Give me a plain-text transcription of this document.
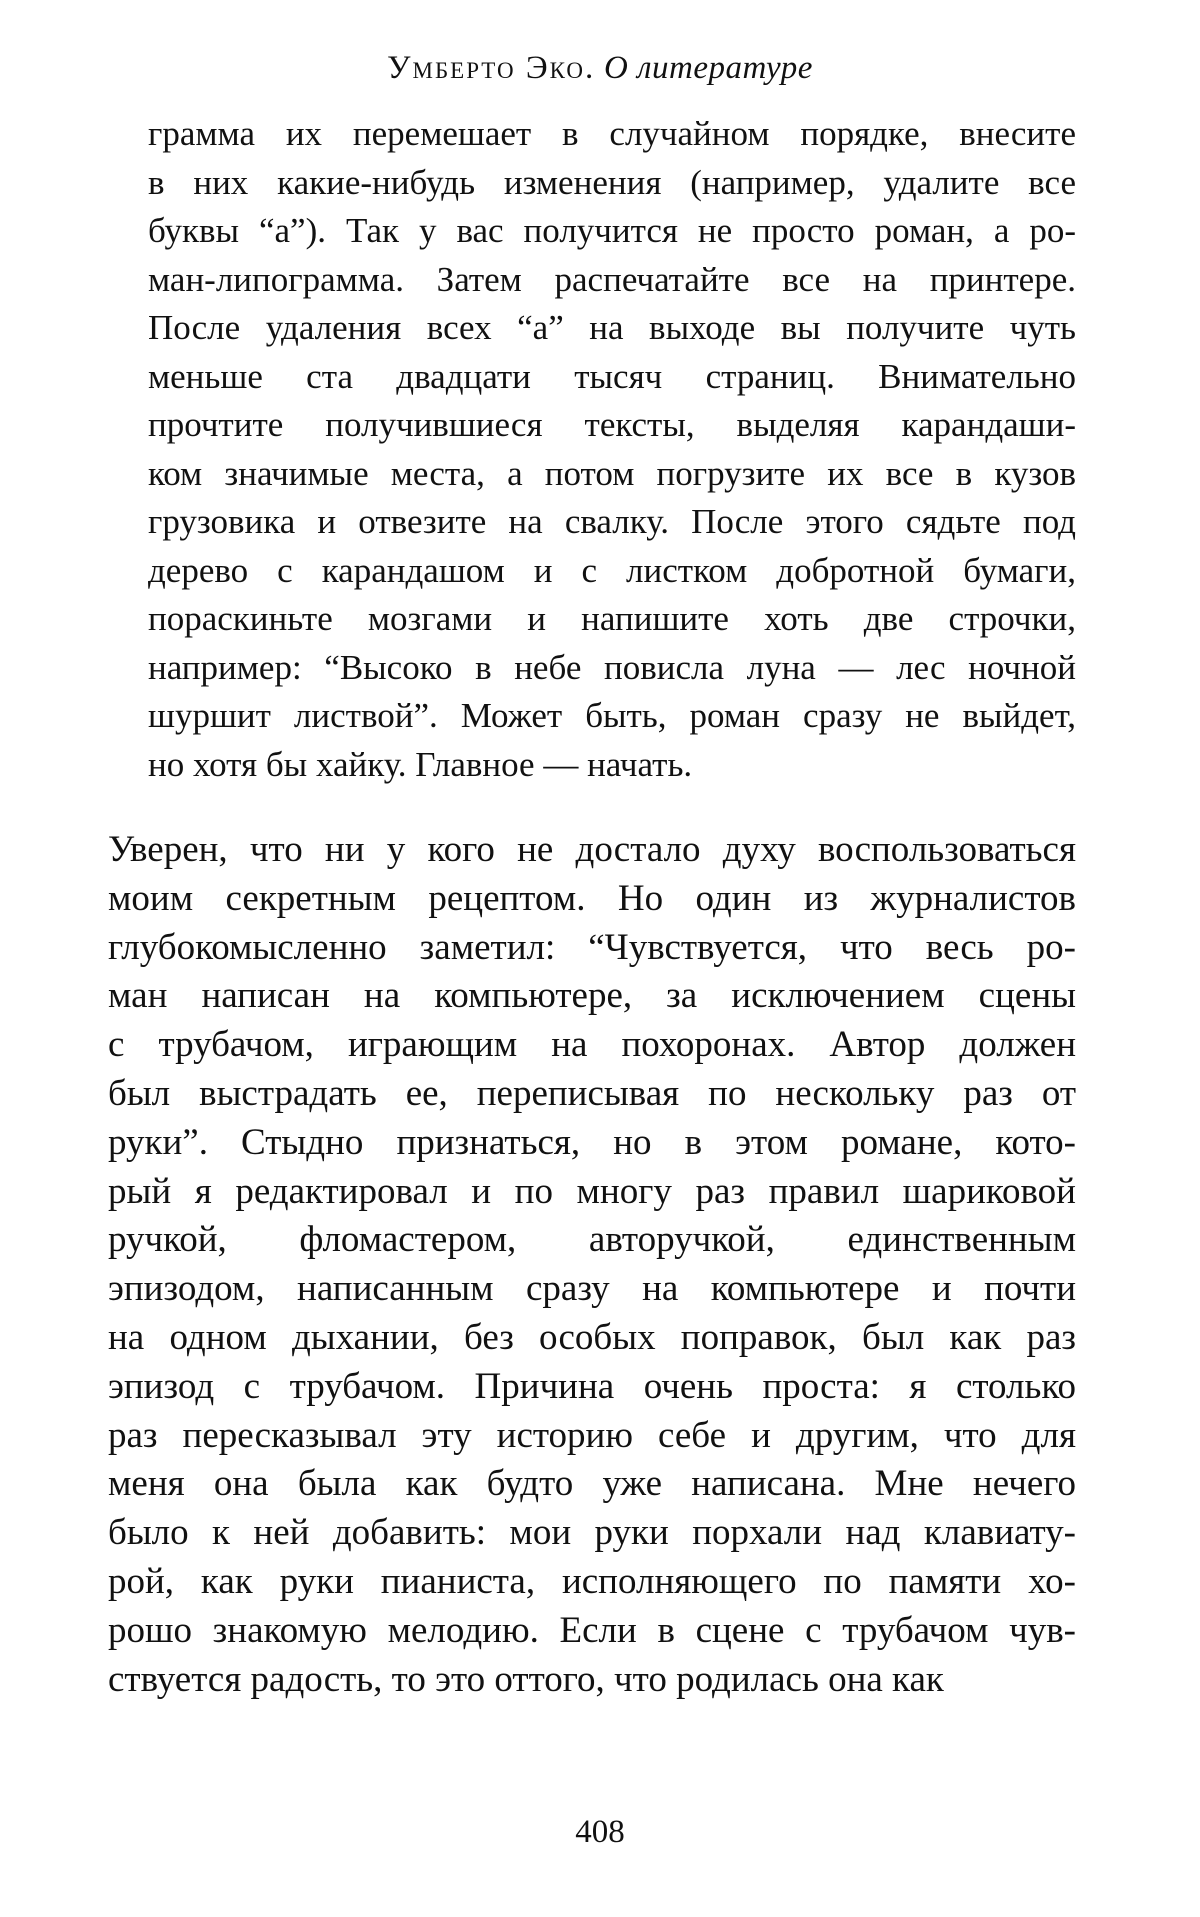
Умберто Эко. О литературе
грамма их перемешает в случайном порядке, внесите
в них какие-нибудь изменения (например, удалите все
буквы “а”). Так у вас получится не просто роман, а ро-
ман-липограмма. Затем распечатайте все на принтере.
После удаления всех “а” на выходе вы получите чуть
меньше ста двадцати тысяч страниц. Внимательно
прочтите получившиеся тексты, выделяя карандаши-
ком значимые места, а потом погрузите их все в кузов
грузовика и отвезите на свалку. После этого сядьте под
дерево с карандашом и с листком добротной бумаги,
пораскиньте мозгами и напишите хоть две строчки,
например: “Высоко в небе повисла луна — лес ночной
шуршит листвой”. Может быть, роман сразу не выйдет,
но хотя бы хайку. Главное — начать.
Уверен, что ни у кого не достало духу воспользоваться
моим секретным рецептом. Но один из журналистов
глубокомысленно заметил: “Чувствуется, что весь ро-
ман написан на компьютере, за исключением сцены
с трубачом, играющим на похоронах. Автор должен
был выстрадать ее, переписывая по нескольку раз от
руки”. Стыдно признаться, но в этом романе, кото-
рый я редактировал и по многу раз правил шариковой
ручкой, фломастером, авторучкой, единственным
эпизодом, написанным сразу на компьютере и почти
на одном дыхании, без особых поправок, был как раз
эпизод с трубачом. Причина очень проста: я столько
раз пересказывал эту историю себе и другим, что для
меня она была как будто уже написана. Мне нечего
было к ней добавить: мои руки порхали над клавиату-
рой, как руки пианиста, исполняющего по памяти хо-
рошо знакомую мелодию. Если в сцене с трубачом чув-
ствуется радость, то это оттого, что родилась она как
408
